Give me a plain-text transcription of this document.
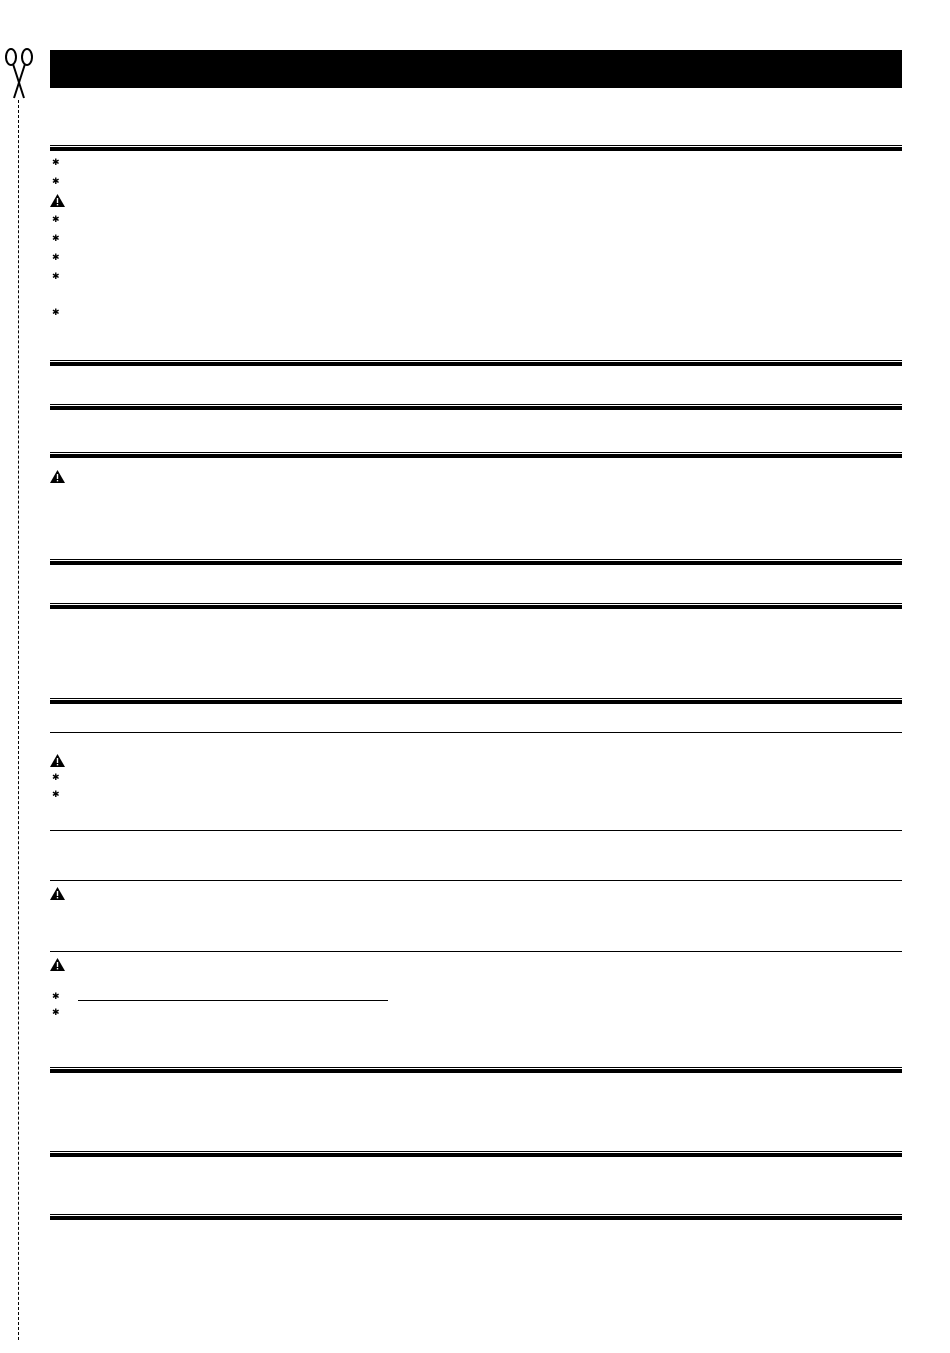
✱
✱
✱
✱
✱
✱
✱
✱
✱
✱
✱
